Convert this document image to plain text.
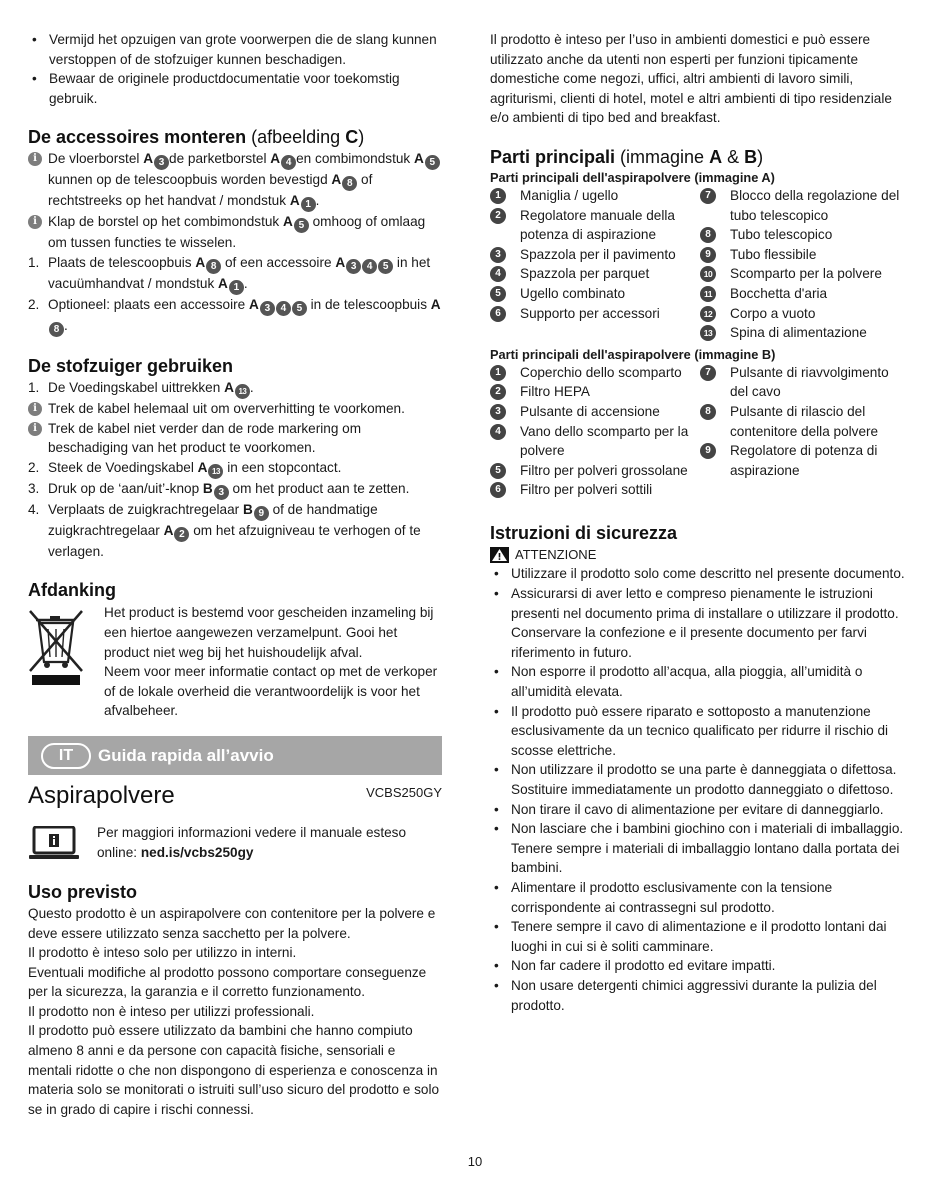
• Vermijd het opzuigen van grote voorwerpen die de slang kunnen verstoppen of de stofzuiger kunnen beschadigen.
• Bewaar de originele productdocumentatie voor toekomstig gebruik.
De accessoires monteren (afbeelding C)
i De vloerborstel A 3 de parketborstel A 4 en combimondstuk A 5 kunnen op de telescoopbuis worden bevestigd A 8 of rechtstreeks op het handvat / mondstuk A 1 .
i Klap de borstel op het combimondstuk A 5 omhoog of omlaag om tussen functies te wisselen.
1. Plaats de telescoopbuis A 8 of een accessoire A 3 4 5 in het vacuümhandvat / mondstuk A 1 .
2. Optioneel: plaats een accessoire A 3 4 5 in de telescoopbuis A8 .
De stofzuiger gebruiken
1. De Voedingskabel uittrekken A 13 .
i Trek de kabel helemaal uit om oververhitting te voorkomen.
i Trek de kabel niet verder dan de rode markering om beschadiging van het product te voorkomen.
2. Steek de Voedingskabel A 13 in een stopcontact.
3. Druk op de ‘aan/uit’-knop B 3 om het product aan te zetten.
4. Verplaats de zuigkrachtregelaar B 9 of de handmatige zuigkrachtregelaar A 2 om het afzuigniveau te verhogen of te verlagen.
Afdanking
Het product is bestemd voor gescheiden inzameling bij een hiertoe aangewezen verzamelpunt. Gooi het product niet weg bij het huishoudelijk afval.
Neem voor meer informatie contact op met de verkoper of de lokale overheid die verantwoordelijk is voor het afvalbeheer.
IT	Guida rapida all’avvio
Aspirapolvere	VCBS250GY
Per maggiori informazioni vedere il manuale esteso online: ned.is/vcbs250gy
Uso previsto
Questo prodotto è un aspirapolvere con contenitore per la polvere e deve essere utilizzato senza sacchetto per la polvere.
Il prodotto è inteso solo per utilizzo in interni.
Eventuali modifiche al prodotto possono comportare conseguenze per la sicurezza, la garanzia e il corretto funzionamento.
Il prodotto non è inteso per utilizzi professionali.
Il prodotto può essere utilizzato da bambini che hanno compiuto almeno 8 anni e da persone con capacità fisiche, sensoriali e mentali ridotte o che non dispongono di esperienza e conoscenza in materia solo se monitorati o istruiti sull’uso sicuro del prodotto e solo se in grado di capire i rischi connessi.
Il prodotto è inteso per l’uso in ambienti domestici e può essere utilizzato anche da utenti non esperti per funzioni tipicamente domestiche come negozi, uffici, altri ambienti di lavoro simili, agriturismi, clienti di hotel, motel e altri ambienti di tipo residenziale e/o ambienti di tipo bed and breakfast.
Parti principali (immagine A & B)
Parti principali dell'aspirapolvere (immagine A)
1	Maniglia / ugello
2	Regolatore manuale della potenza di aspirazione
3	Spazzola per il pavimento
4	Spazzola per parquet
5	Ugello combinato
6	Supporto per accessori
7	Blocco della regolazione del tubo telescopico
8	Tubo telescopico
9	Tubo flessibile
10 Scomparto per la polvere
11 Bocchetta d'aria
12 Corpo a vuoto
13 Spina di alimentazione
Parti principali dell'aspirapolvere (immagine B)
1	Coperchio dello scomparto
2	Filtro HEPA
3	Pulsante di accensione
4	Vano dello scomparto per la polvere
5	Filtro per polveri grossolane
6	Filtro per polveri sottili
7	Pulsante di riavvolgimento del cavo
8	Pulsante di rilascio del contenitore della polvere
9	Regolatore di potenza di aspirazione
Istruzioni di sicurezza
ATTENZIONE
• Utilizzare il prodotto solo come descritto nel presente documento.
• Assicurarsi di aver letto e compreso pienamente le istruzioni presenti nel documento prima di installare o utilizzare il prodotto. Conservare la confezione e il presente documento per farvi riferimento in futuro.
• Non esporre il prodotto all’acqua, alla pioggia, all’umidità o all’umidità elevata.
• Il prodotto può essere riparato e sottoposto a manutenzione esclusivamente da un tecnico qualificato per ridurre il rischio di scosse elettriche.
• Non utilizzare il prodotto se una parte è danneggiata o difettosa. Sostituire immediatamente un prodotto danneggiato o difettoso.
• Non tirare il cavo di alimentazione per evitare di danneggiarlo.
• Non lasciare che i bambini giochino con i materiali di imballaggio. Tenere sempre i materiali di imballaggio lontano dalla portata dei bambini.
• Alimentare il prodotto esclusivamente con la tensione corrispondente ai contrassegni sul prodotto.
• Tenere sempre il cavo di alimentazione e il prodotto lontani dai luoghi in cui si è soliti camminare.
• Non far cadere il prodotto ed evitare impatti.
• Non usare detergenti chimici aggressivi durante la pulizia del prodotto.
10
